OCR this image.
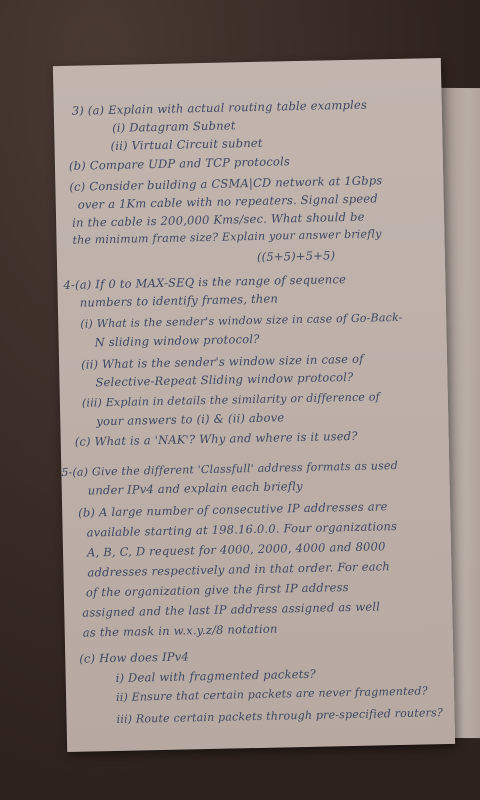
3) (a) Explain with actual routing table examples
(i) Datagram Subnet
(ii) Virtual Circuit subnet
(b) Compare UDP and TCP protocols
(c) Consider building a CSMA|CD network at 1Gbps
over a 1Km cable with no repeaters. Signal speed
in the cable is 200,000 Kms/sec. What should be
the minimum frame size? Explain your answer briefly
((5+5)+5+5)
4-(a) If 0 to MAX-SEQ is the range of sequence
numbers to identify frames, then
(i) What is the sender's window size in case of Go-Back-
N sliding window protocol?
(ii) What is the sender's window size in case of
Selective-Repeat Sliding window protocol?
(iii) Explain in details the similarity or difference of
your answers to (i) & (ii) above
(c) What is a 'NAK'? Why and where is it used?
5-(a) Give the different 'Classfull' address formats as used
under IPv4 and explain each briefly
(b) A large number of consecutive IP addresses are
available starting at 198.16.0.0. Four organizations
A, B, C, D request for 4000, 2000, 4000 and 8000
addresses respectively and in that order. For each
of the organization give the first IP address
assigned and the last IP address assigned as well
as the mask in w.x.y.z/8 notation
(c) How does IPv4
i) Deal with fragmented packets?
ii) Ensure that certain packets are never fragmented?
iii) Route certain packets through pre-specified routers?
